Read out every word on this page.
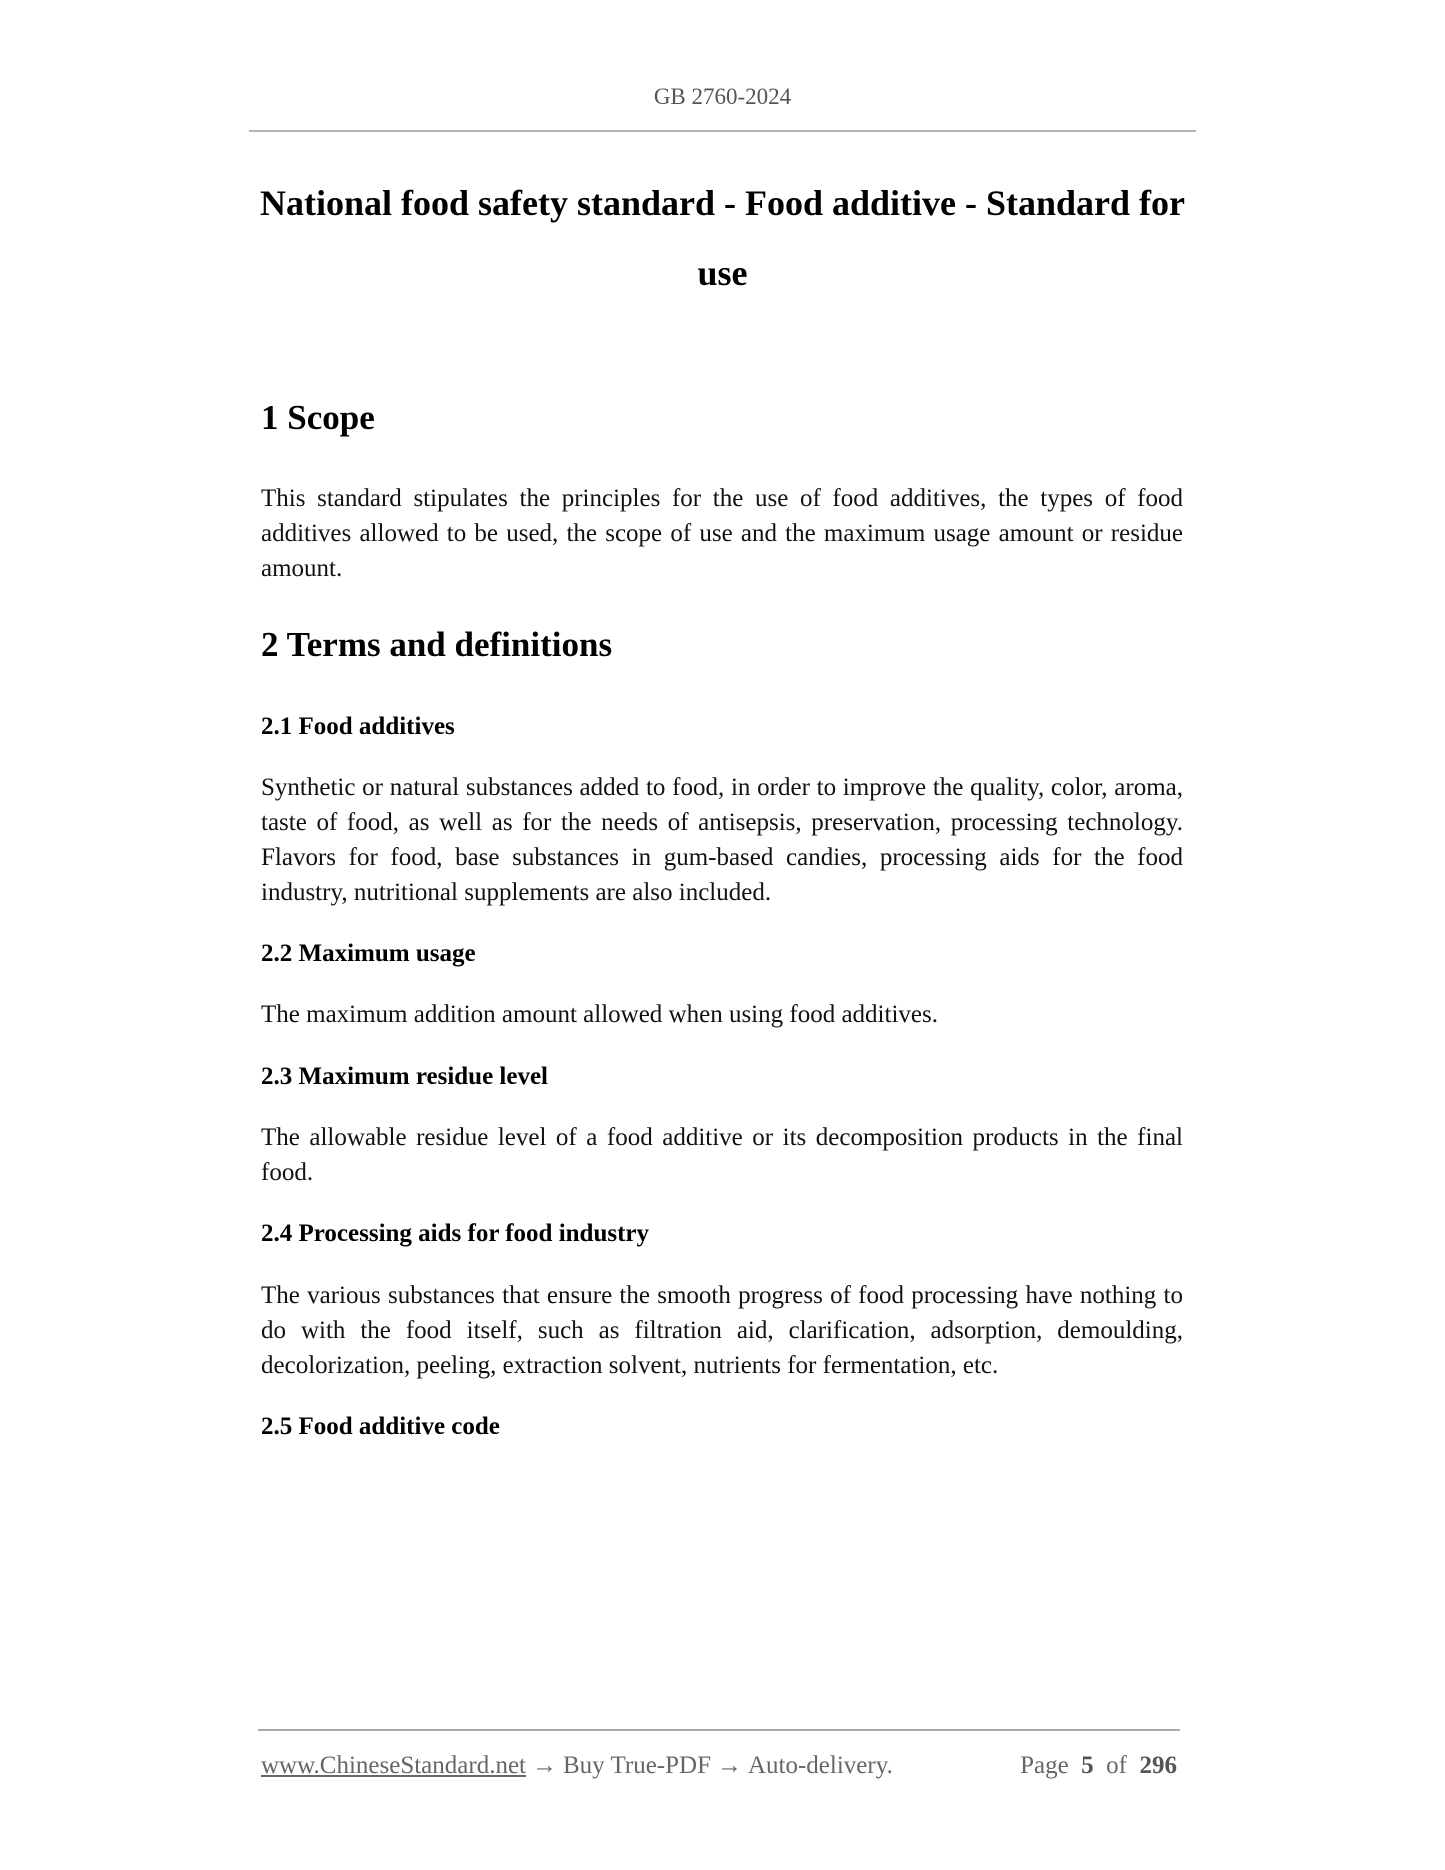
GB 2760-2024
National food safety standard - Food additive - Standard for
use
1 Scope

This standard stipulates the principles for the use of food additives, the types of food additives allowed to be used, the scope of use and the maximum usage amount or residue amount.

2 Terms and definitions
2.1 Food additives

Synthetic or natural substances added to food, in order to improve the quality, color, aroma, taste of food, as well as for the needs of antisepsis, preservation, processing technology. Flavors for food, base substances in gum-based candies, processing aids for the food industry, nutritional supplements are also included.

2.2 Maximum usage

The maximum addition amount allowed when using food additives.

2.3 Maximum residue level

The allowable residue level of a food additive or its decomposition products in the final food.

2.4 Processing aids for food industry

The various substances that ensure the smooth progress of food processing have nothing to do with the food itself, such as filtration aid, clarification, adsorption, demoulding, decolorization, peeling, extraction solvent, nutrients for fermentation, etc.

2.5 Food additive code
www.ChineseStandard.net → Buy True-PDF → Auto-delivery.	Page 5 of 296
